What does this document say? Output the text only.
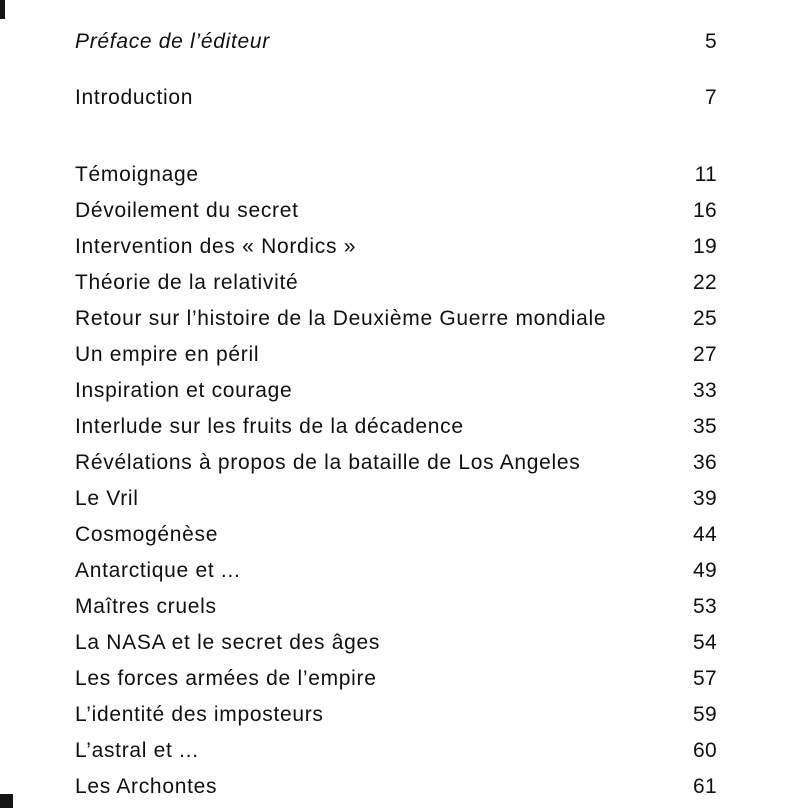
Préface de l’éditeur	5
Introduction	7
Témoignage	11
Dévoilement du secret	16
Intervention des « Nordics »	19
Théorie de la relativité	22
Retour sur l’histoire de la Deuxième Guerre mondiale	25
Un empire en péril	27
Inspiration et courage	33
Interlude sur les fruits de la décadence	35
Révélations à propos de la bataille de Los Angeles	36
Le Vril	39
Cosmogénèse	44
Antarctique et ...	49
Maîtres cruels	53
La NASA et le secret des âges	54
Les forces armées de l’empire	57
L’identité des imposteurs	59
L’astral et ...	60
Les Archontes	61
